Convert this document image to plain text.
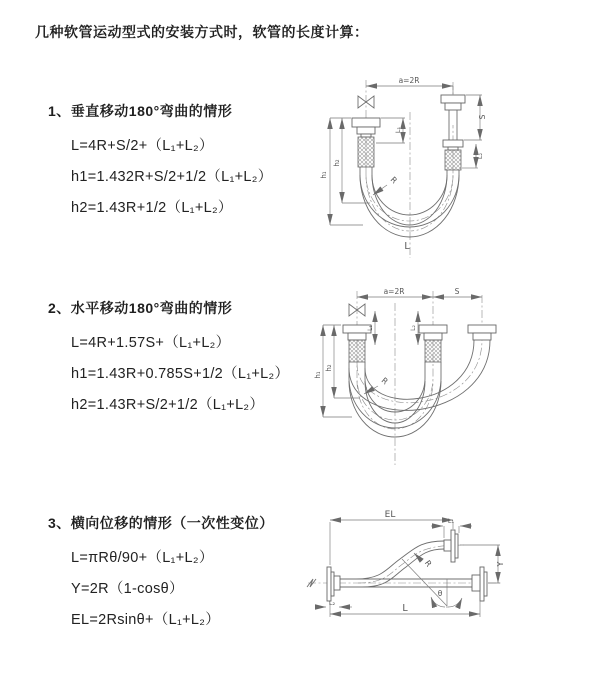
几种软管运动型式的安装方式时，软管的长度计算：
1、垂直移动180°弯曲的情形
L=4R+S/2+（L₁+L₂）
h1=1.432R+S/2+1/2（L₁+L₂）
h2=1.43R+1/2（L₁+L₂）
2、水平移动180°弯曲的情形
L=4R+1.57S+（L₁+L₂）
h1=1.43R+0.785S+1/2（L₁+L₂）
h2=1.43R+S/2+1/2（L₁+L₂）
3、横向位移的情形（一次性变位）
L=πRθ/90+（L₁+L₂）
Y=2R（1-cosθ）
EL=2Rsinθ+（L₁+L₂）
a=2R
h₁
h₂
L₁
S
L₂
R
L
a=2R	S
h₁
h₂
L₁	L₂
R
EL
L₁
Y
R
θ
L₂	L
